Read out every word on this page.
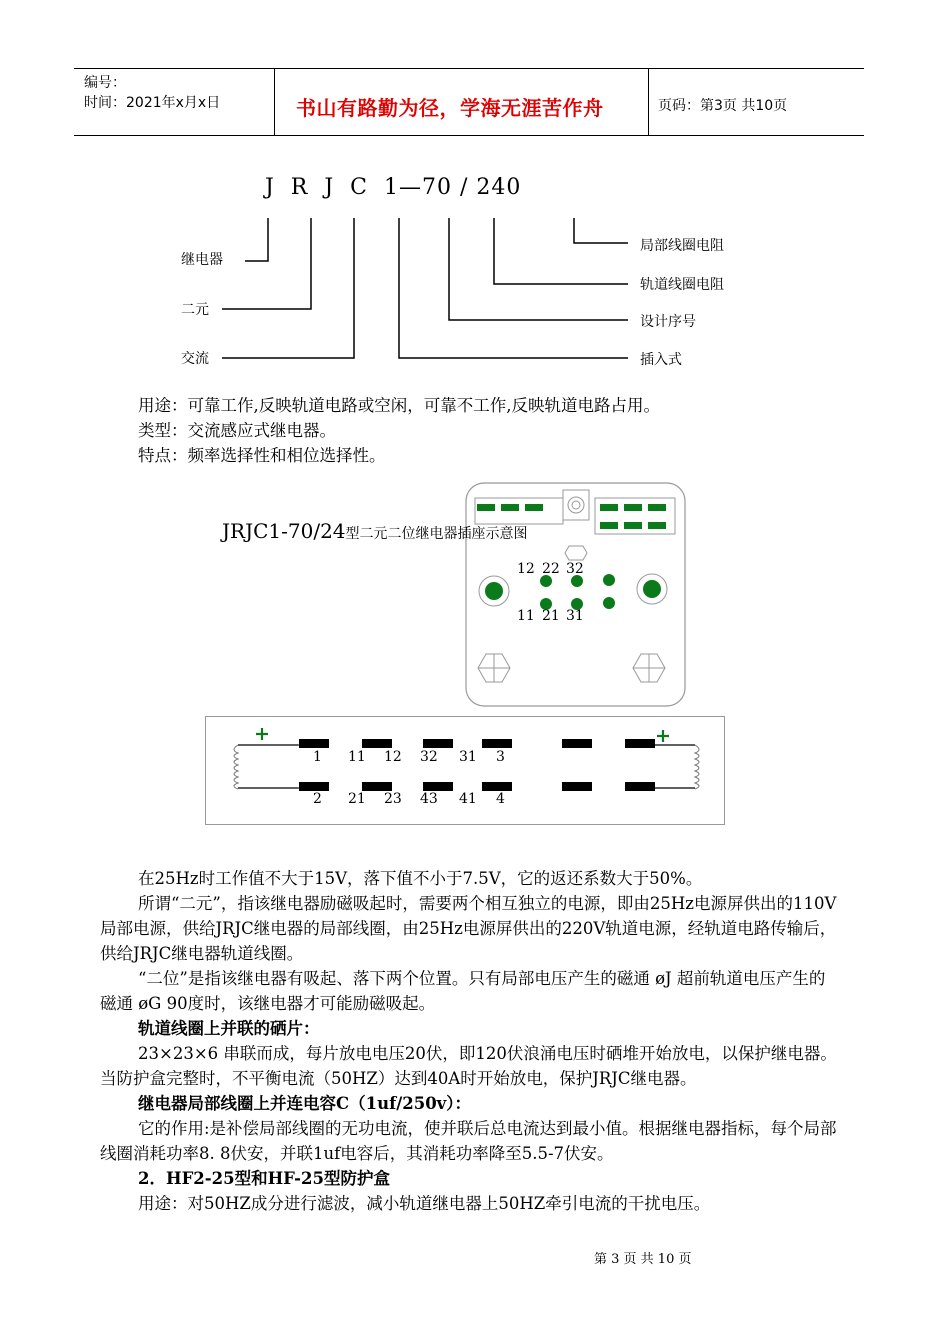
编号：
时间：2021年x月x日	书山有路勤为径，学海无涯苦作舟	页码：第3页 共10页
J  R  J  C  1—70 / 240
继电器
二元
交流
局部线圈电阻
轨道线圈电阻
设计序号
插入式

用途：可靠工作,反映轨道电路或空闲，可靠不工作,反映轨道电路占用。

类型：交流感应式继电器。

特点：频率选择性和相位选择性。

12 22 32
11 21 31
JRJC1-70/24型二元二位继电器插座示意图
1 11 12 32 31 3
2 21 23 43 41 4

在25Hz时工作值不大于15V，落下值不小于7.5V，它的返还系数大于50%。

所谓“二元”，指该继电器励磁吸起时，需要两个相互独立的电源，即由25Hz电源屏供出的110V局部电源，供给JRJC继电器的局部线圈，由25Hz电源屏供出的220V轨道电源，经轨道电路传输后，供给JRJC继电器轨道线圈。

“二位”是指该继电器有吸起、落下两个位置。只有局部电压产生的磁通 øJ 超前轨道电压产生的磁通 øG 90度时，该继电器才可能励磁吸起。

轨道线圈上并联的硒片：

23×23×6 串联而成，每片放电电压20伏，即120伏浪涌电压时硒堆开始放电，以保护继电器。当防护盒完整时，不平衡电流（50HZ）达到40A时开始放电，保护JRJC继电器。

继电器局部线圈上并连电容C（1uf/250v）：

它的作用:是补偿局部线圈的无功电流，使并联后总电流达到最小值。根据继电器指标，每个局部线圈消耗功率8. 8伏安，并联1uf电容后，其消耗功率降至5.5-7伏安。

2．HF2-25型和HF-25型防护盒

用途：对50HZ成分进行滤波，减小轨道继电器上50HZ牵引电流的干扰电压。

第 3 页 共 10 页
